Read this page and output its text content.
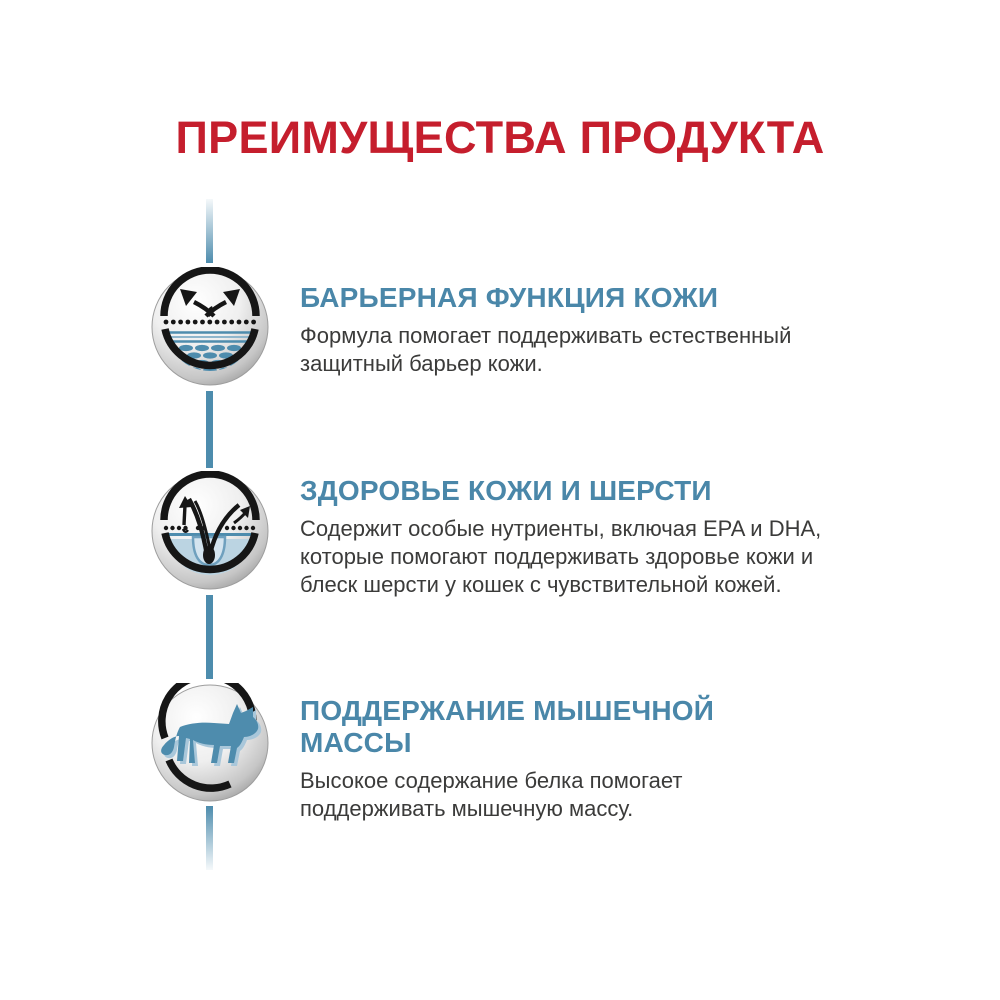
ПРЕИМУЩЕСТВА ПРОДУКТА
БАРЬЕРНАЯ ФУНКЦИЯ КОЖИ

Формула помогает поддерживать естественный защитный барьер кожи.

ЗДОРОВЬЕ КОЖИ И ШЕРСТИ

Содержит особые нутриенты, включая EPA и DHA, которые помогают поддерживать здоровье кожи и блеск шерсти у кошек с чувствительной кожей.

ПОДДЕРЖАНИЕ МЫШЕЧНОЙ МАССЫ

Высокое содержание белка помогает поддерживать мышечную массу.
